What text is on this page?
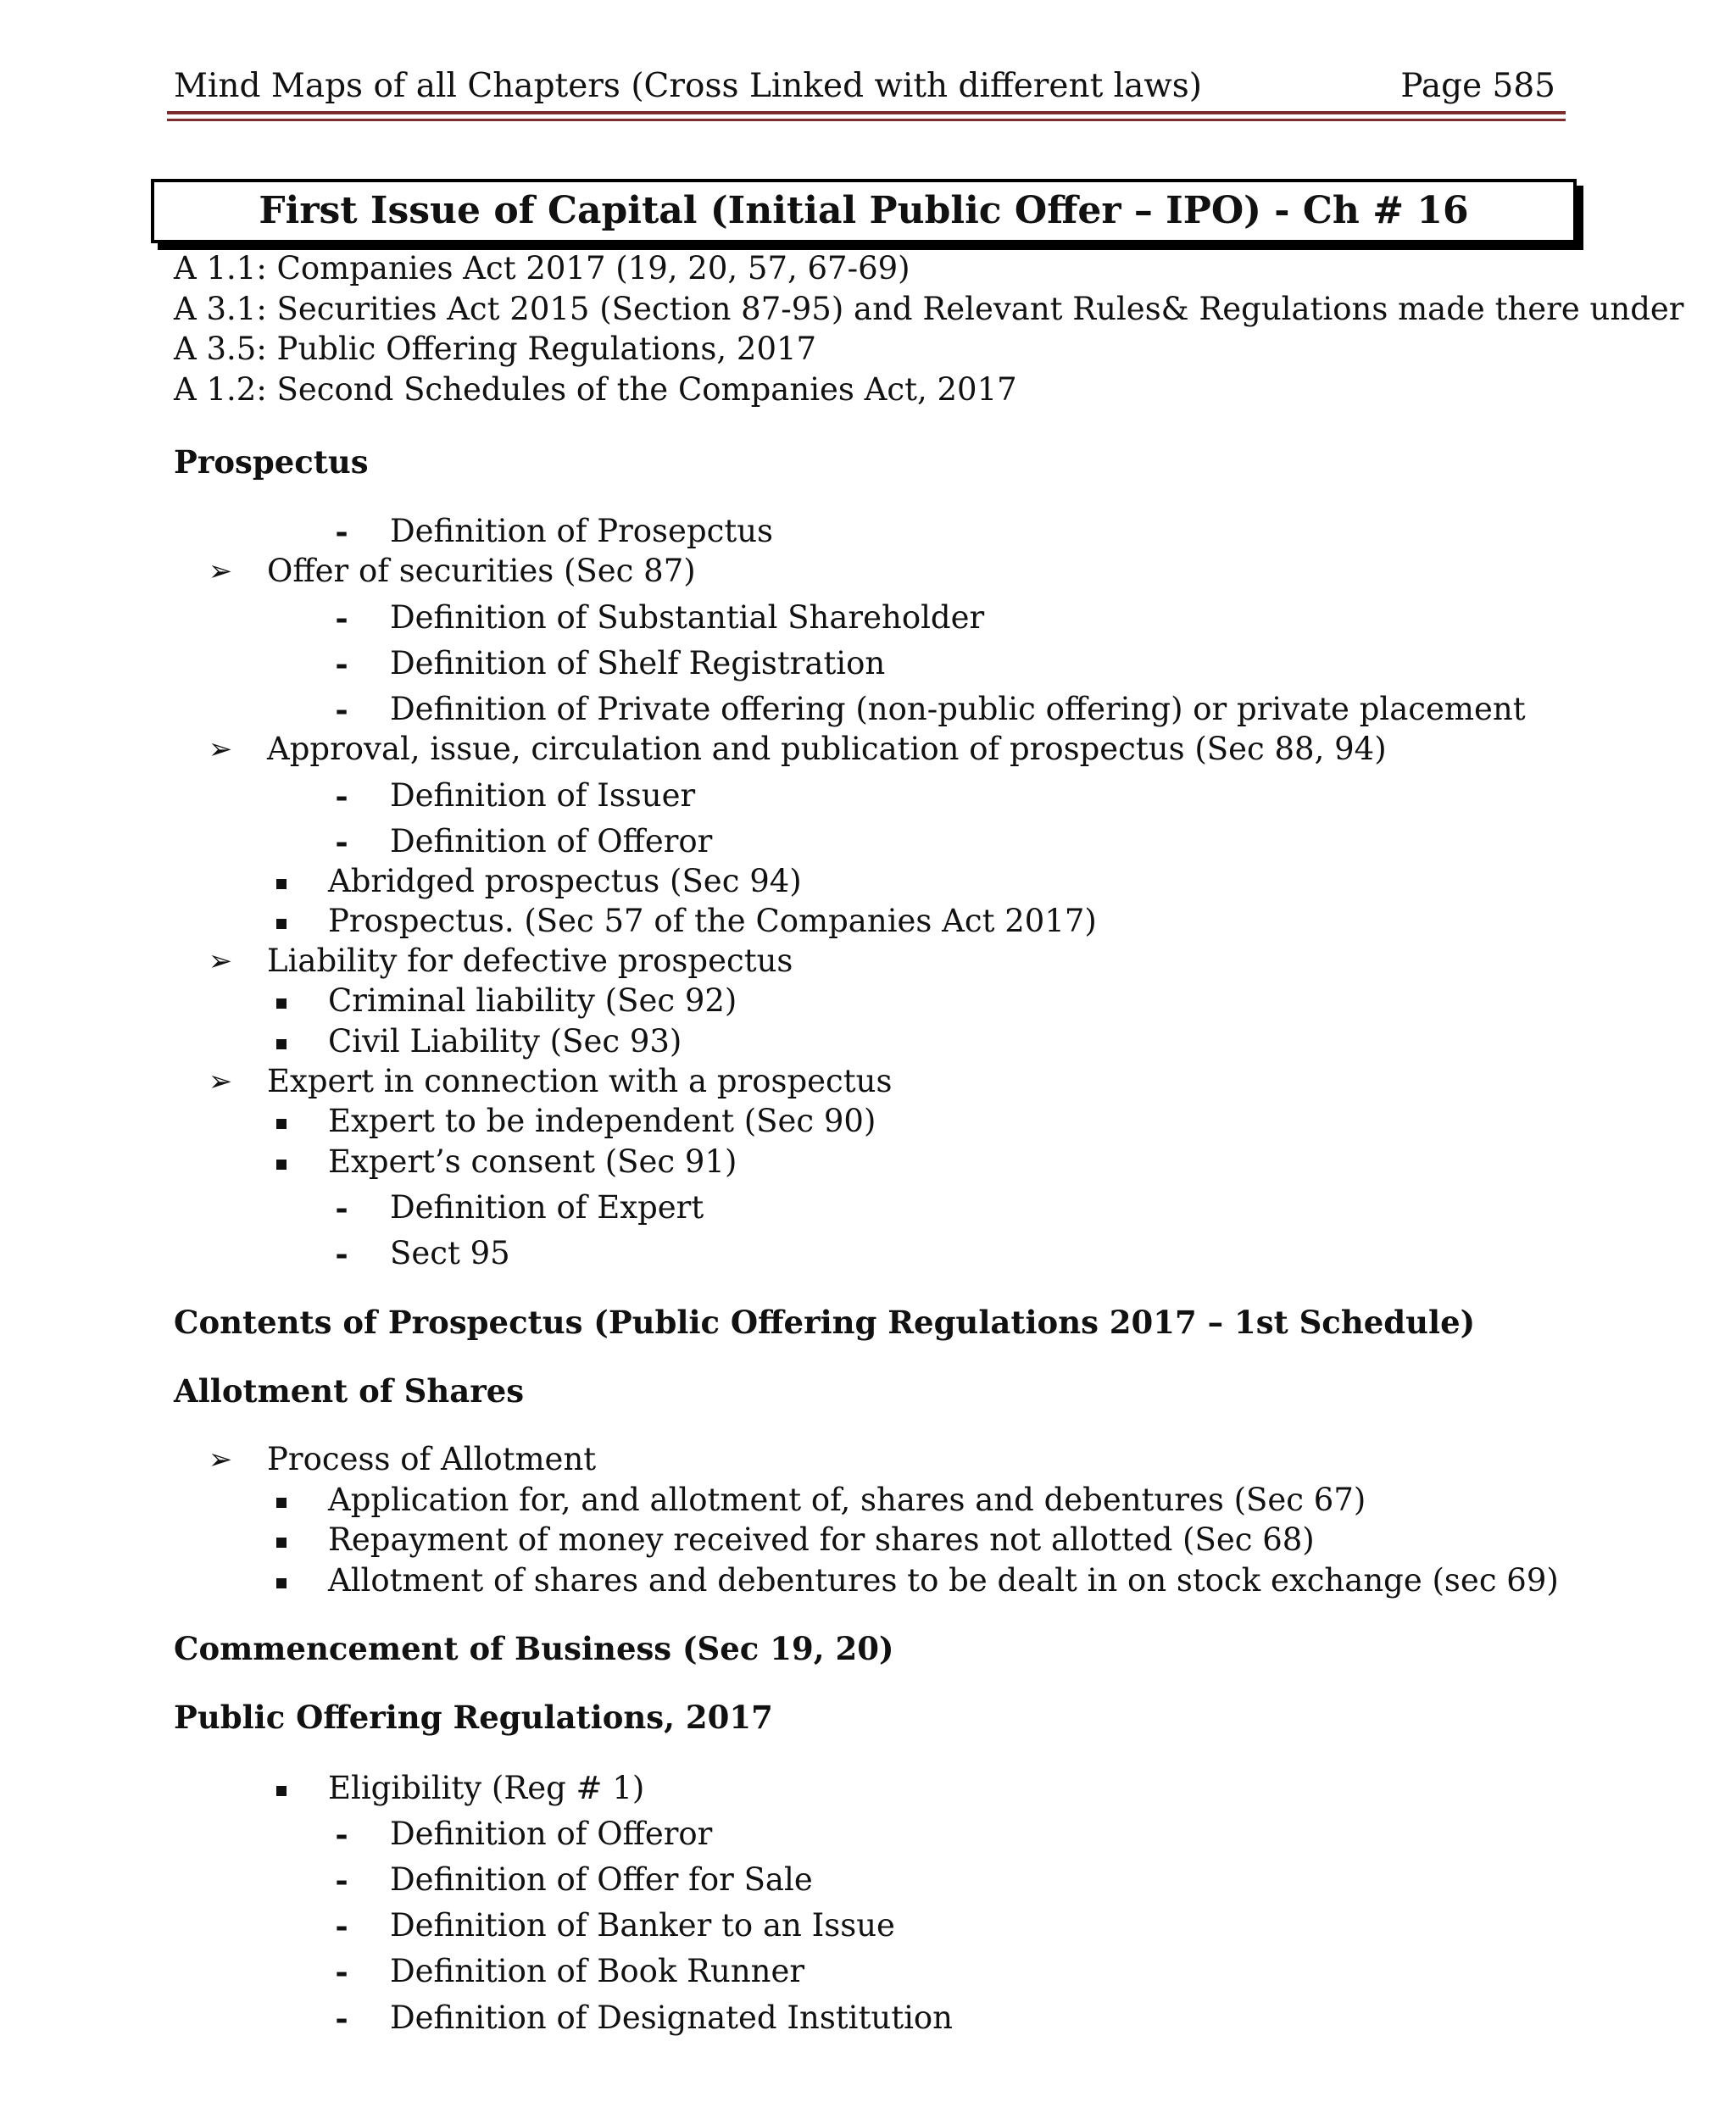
Mind Maps of all Chapters (Cross Linked with different laws)	Page 585
First Issue of Capital (Initial Public Offer – IPO) - Ch # 16
A 1.1: Companies Act 2017 (19, 20, 57, 67-69)
A 3.1: Securities Act 2015 (Section 87-95) and Relevant Rules& Regulations made there under
A 3.5: Public Offering Regulations, 2017
A 1.2: Second Schedules of the Companies Act, 2017
Prospectus
- Definition of Prosepctus
➢ Offer of securities (Sec 87)
- Definition of Substantial Shareholder
- Definition of Shelf Registration
- Definition of Private offering (non-public offering) or private placement
➢ Approval, issue, circulation and publication of prospectus (Sec 88, 94)
- Definition of Issuer
- Definition of Offeror
Abridged prospectus (Sec 94)
Prospectus. (Sec 57 of the Companies Act 2017)
➢ Liability for defective prospectus
Criminal liability (Sec 92)
Civil Liability (Sec 93)
➢ Expert in connection with a prospectus
Expert to be independent (Sec 90)
Expert’s consent (Sec 91)
- Definition of Expert
- Sect 95
Contents of Prospectus (Public Offering Regulations 2017 – 1st Schedule)
Allotment of Shares
➢ Process of Allotment
Application for, and allotment of, shares and debentures (Sec 67)
Repayment of money received for shares not allotted (Sec 68)
Allotment of shares and debentures to be dealt in on stock exchange (sec 69)
Commencement of Business (Sec 19, 20)
Public Offering Regulations, 2017
Eligibility (Reg # 1)
- Definition of Offeror
- Definition of Offer for Sale
- Definition of Banker to an Issue
- Definition of Book Runner
- Definition of Designated Institution
